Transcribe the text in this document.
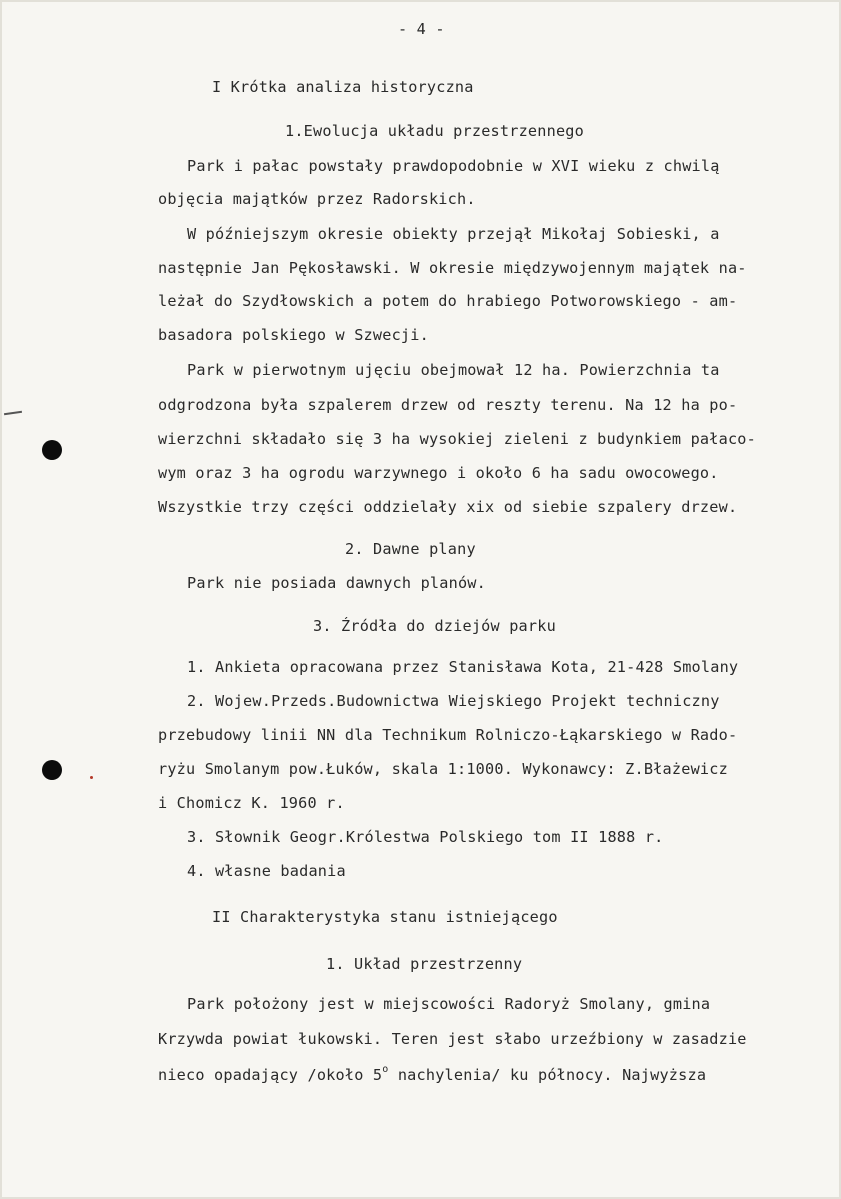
- 4 -
I Krótka analiza historyczna
1.Ewolucja układu przestrzennego
Park i pałac powstały prawdopodobnie w XVI wieku z chwilą
objęcia majątków przez Radorskich.
W późniejszym okresie obiekty przejął Mikołaj Sobieski, a
następnie Jan Pękosławski. W okresie międzywojennym majątek na-
leżał do Szydłowskich a potem do hrabiego Potworowskiego - am-
basadora polskiego w Szwecji.
Park w pierwotnym ujęciu obejmował 12 ha. Powierzchnia ta
odgrodzona była szpalerem drzew od reszty terenu. Na 12 ha po-
wierzchni składało się 3 ha wysokiej zieleni z budynkiem pałaco-
wym oraz 3 ha ogrodu warzywnego i około 6 ha sadu owocowego.
Wszystkie trzy części oddzielały xix od siebie szpalery drzew.
2. Dawne plany
Park nie posiada dawnych planów.
3. Źródła do dziejów parku
1. Ankieta opracowana przez Stanisława Kota, 21-428 Smolany
2. Wojew.Przeds.Budownictwa Wiejskiego Projekt techniczny
przebudowy linii NN dla Technikum Rolniczo-Łąkarskiego w Rado-
ryżu Smolanym pow.Łuków, skala 1:1000. Wykonawcy: Z.Błażewicz
i Chomicz K. 1960 r.
3. Słownik Geogr.Królestwa Polskiego tom II 1888 r.
4. własne badania
II Charakterystyka stanu istniejącego
1. Układ przestrzenny
Park położony jest w miejscowości Radoryż Smolany, gmina
Krzywda powiat łukowski. Teren jest słabo urzeźbiony w zasadzie
nieco opadający /około 5$^o$ nachylenia/ ku północy. Najwyższa
